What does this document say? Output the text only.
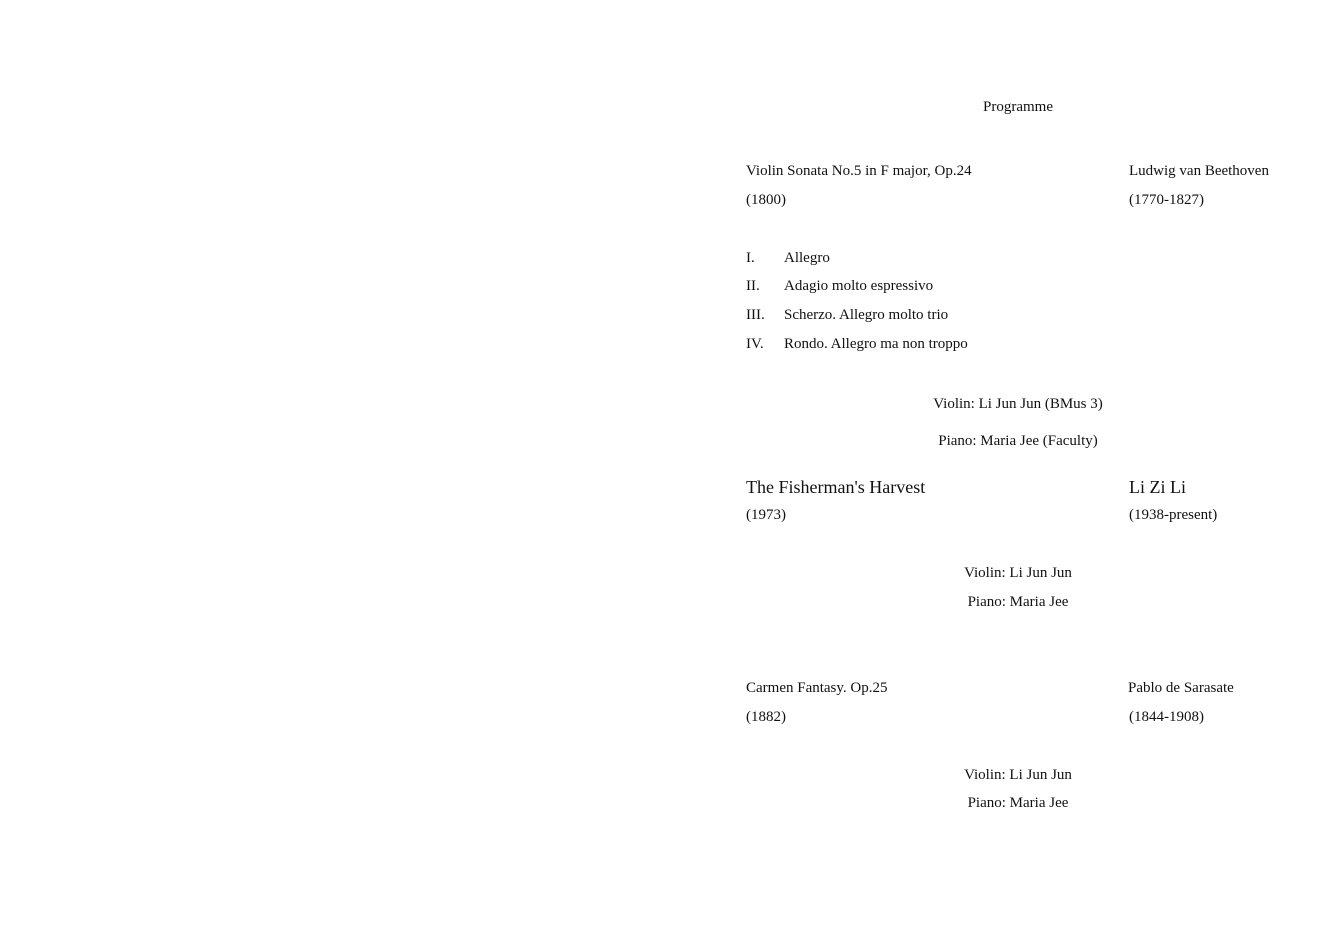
Programme
Violin Sonata No.5 in F major, Op.24
(1800)
Ludwig van Beethoven
(1770-1827)
I. Allegro
II. Adagio molto espressivo
III. Scherzo. Allegro molto trio
IV. Rondo. Allegro ma non troppo
Violin: Li Jun Jun (BMus 3)
Piano: Maria Jee (Faculty)
The Fisherman's Harvest
(1973)
Li Zi Li
(1938-present)
Violin: Li Jun Jun
Piano: Maria Jee
Carmen Fantasy. Op.25
(1882)
Pablo de Sarasate
(1844-1908)
Violin: Li Jun Jun
Piano: Maria Jee
